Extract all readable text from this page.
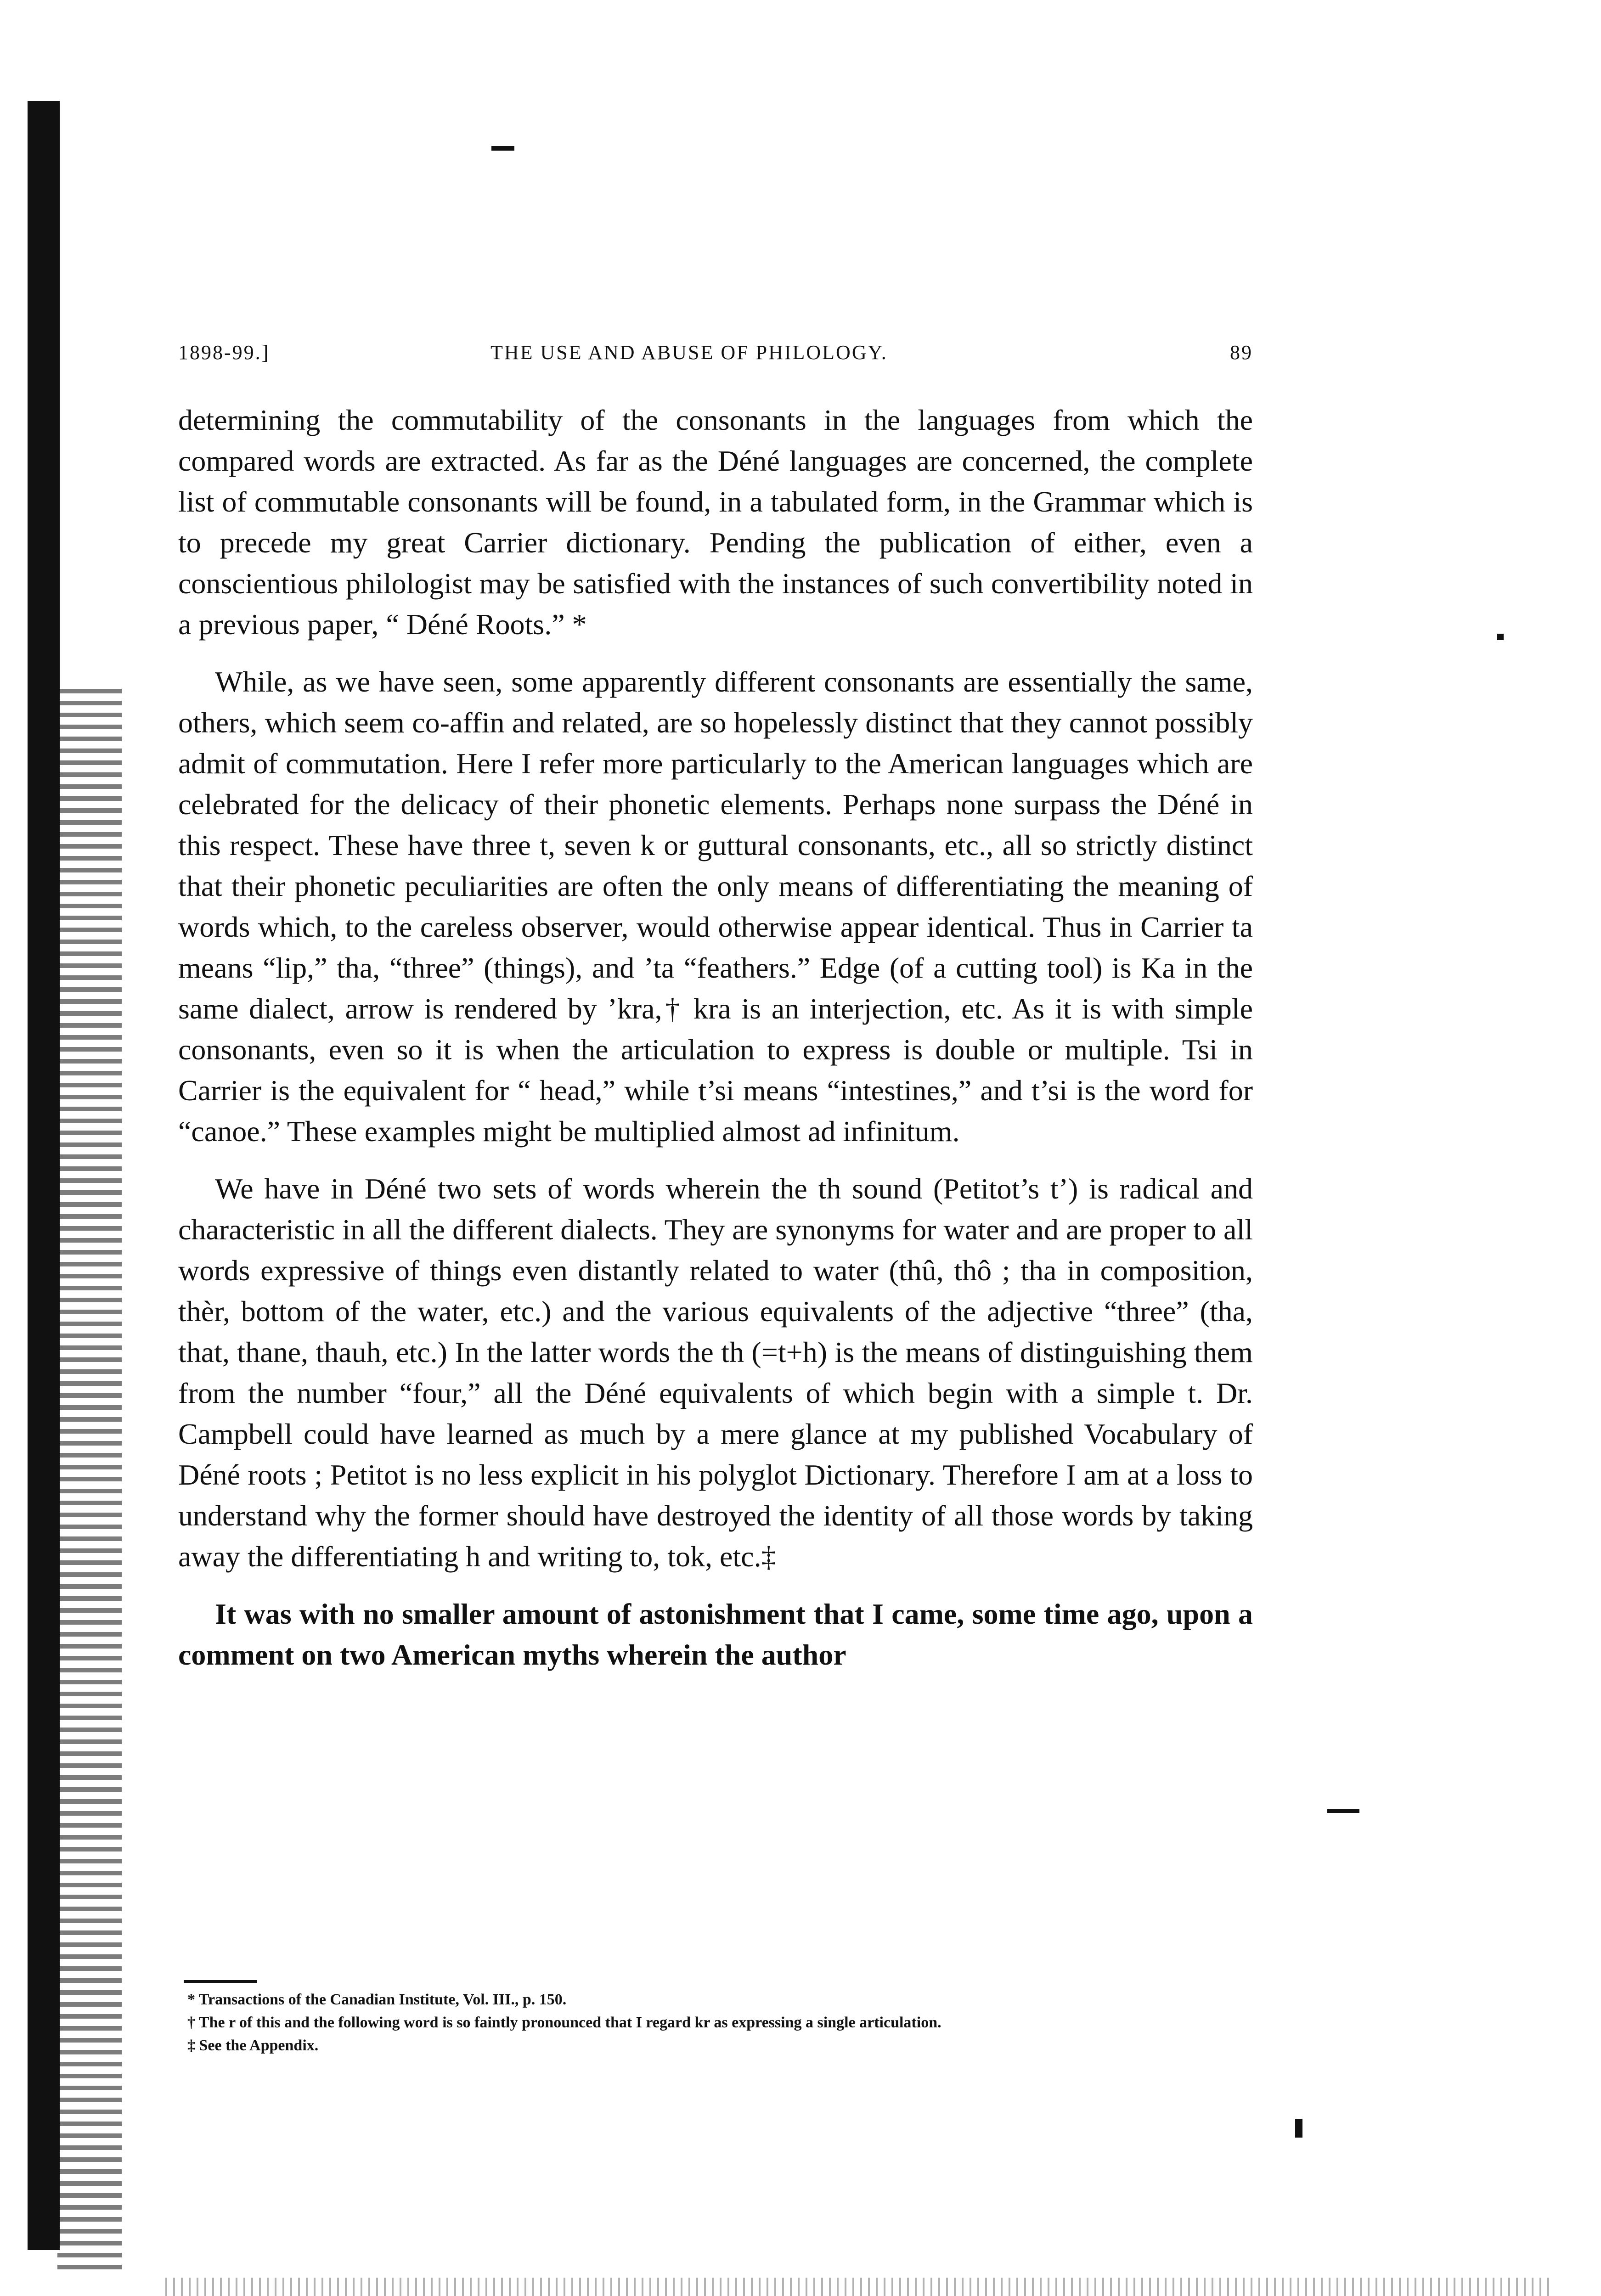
1898-99.]	THE USE AND ABUSE OF PHILOLOGY.	89

determining the commutability of the consonants in the languages from which the compared words are extracted. As far as the Déné languages are concerned, the complete list of commutable consonants will be found, in a tabulated form, in the Grammar which is to precede my great Carrier dictionary. Pending the publication of either, even a conscientious philologist may be satisfied with the instances of such convertibility noted in a previous paper, “ Déné Roots.” *

While, as we have seen, some apparently different consonants are essentially the same, others, which seem co-affin and related, are so hopelessly distinct that they cannot possibly admit of commutation. Here I refer more particularly to the American languages which are celebrated for the delicacy of their phonetic elements. Perhaps none surpass the Déné in this respect. These have three t, seven k or guttural consonants, etc., all so strictly distinct that their phonetic peculiarities are often the only means of differentiating the meaning of words which, to the careless observer, would otherwise appear identical. Thus in Carrier ta means “lip,” tha, “three” (things), and ’ta “feathers.” Edge (of a cutting tool) is Ka in the same dialect, arrow is rendered by ’kra,† kra is an interjection, etc. As it is with simple consonants, even so it is when the articulation to express is double or multiple. Tsi in Carrier is the equivalent for “ head,” while t’si means “intestines,” and t’si is the word for “canoe.” These examples might be multiplied almost ad infinitum.

We have in Déné two sets of words wherein the th sound (Petitot’s t’) is radical and characteristic in all the different dialects. They are synonyms for water and are proper to all words expressive of things even distantly related to water (thû, thô ; tha in composition, thèr, bottom of the water, etc.) and the various equivalents of the adjective “three” (tha, that, thane, thauh, etc.) In the latter words the th (=t+h) is the means of distinguishing them from the number “four,” all the Déné equivalents of which begin with a simple t. Dr. Campbell could have learned as much by a mere glance at my published Vocabulary of Déné roots ; Petitot is no less explicit in his polyglot Dictionary. Therefore I am at a loss to understand why the former should have destroyed the identity of all those words by taking away the differentiating h and writing to, tok, etc.‡

It was with no smaller amount of astonishment that I came, some time ago, upon a comment on two American myths wherein the author

* Transactions of the Canadian Institute, Vol. III., p. 150.

† The r of this and the following word is so faintly pronounced that I regard kr as expressing a single articulation.

‡ See the Appendix.
